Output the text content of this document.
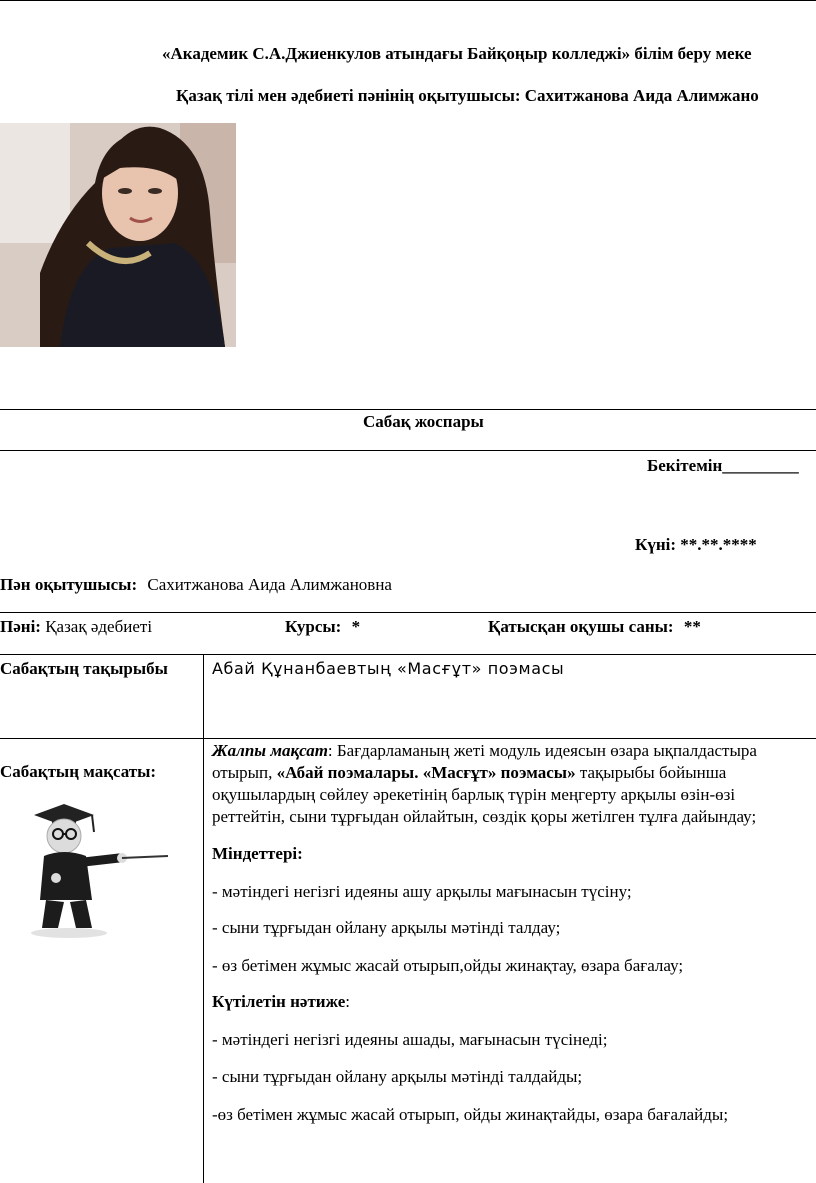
«Академик С.А.Джиенкулов атындағы Байқоңыр колледжі» білім беру меке
Қазақ тілі мен әдебиеті пәнінің оқытушысы: Сахитжанова Аида Алимжано
Сабақ жоспары
Бекітемін_________
Күні: **.**.****
Пән оқытушысы: Сахитжанова Аида Алимжановна
Пәні: Қазақ әдебиеті	Курсы: *	Қатысқан оқушы саны: **
Сабақтың тақырыбы	Абай Құнанбаевтың «Масғұт» поэмасы
Сабақтың мақсаты:
Жалпы мақсат: Бағдарламаның жеті модуль идеясын өзара ықпалдастыра
отырып, «Абай поэмалары. «Масғұт» поэмасы» тақырыбы бойынша
оқушылардың сөйлеу әрекетінің барлық түрін меңгерту арқылы өзін-өзі
реттейтін, сыни тұрғыдан ойлайтын, сөздік қоры жетілген тұлға дайындау;
Міндеттері:
- мәтіндегі негізгі идеяны ашу арқылы мағынасын түсіну;
- сыни тұрғыдан ойлану арқылы мәтінді талдау;
- өз бетімен жұмыс жасай отырып,ойды жинақтау, өзара бағалау;
Күтілетін нәтиже:
- мәтіндегі негізгі идеяны ашады, мағынасын түсінеді;
- сыни тұрғыдан ойлану арқылы мәтінді талдайды;
-өз бетімен жұмыс жасай отырып, ойды жинақтайды, өзара бағалайды;
